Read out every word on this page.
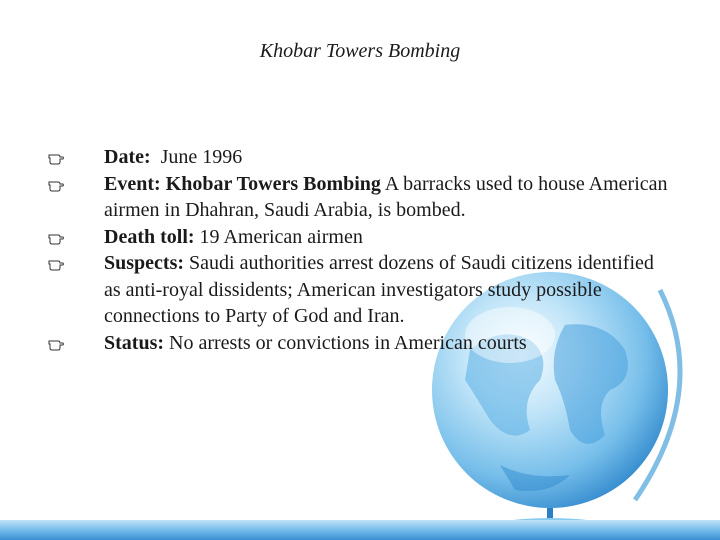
Khobar Towers Bombing
Date:  June 1996
Event: Khobar Towers Bombing A barracks used to house American airmen in Dhahran, Saudi Arabia, is bombed.
Death toll: 19 American airmen
Suspects: Saudi authorities arrest dozens of Saudi citizens identified as anti-royal dissidents; American investigators study possible connections to Party of God and Iran.
Status: No arrests or convictions in American courts
